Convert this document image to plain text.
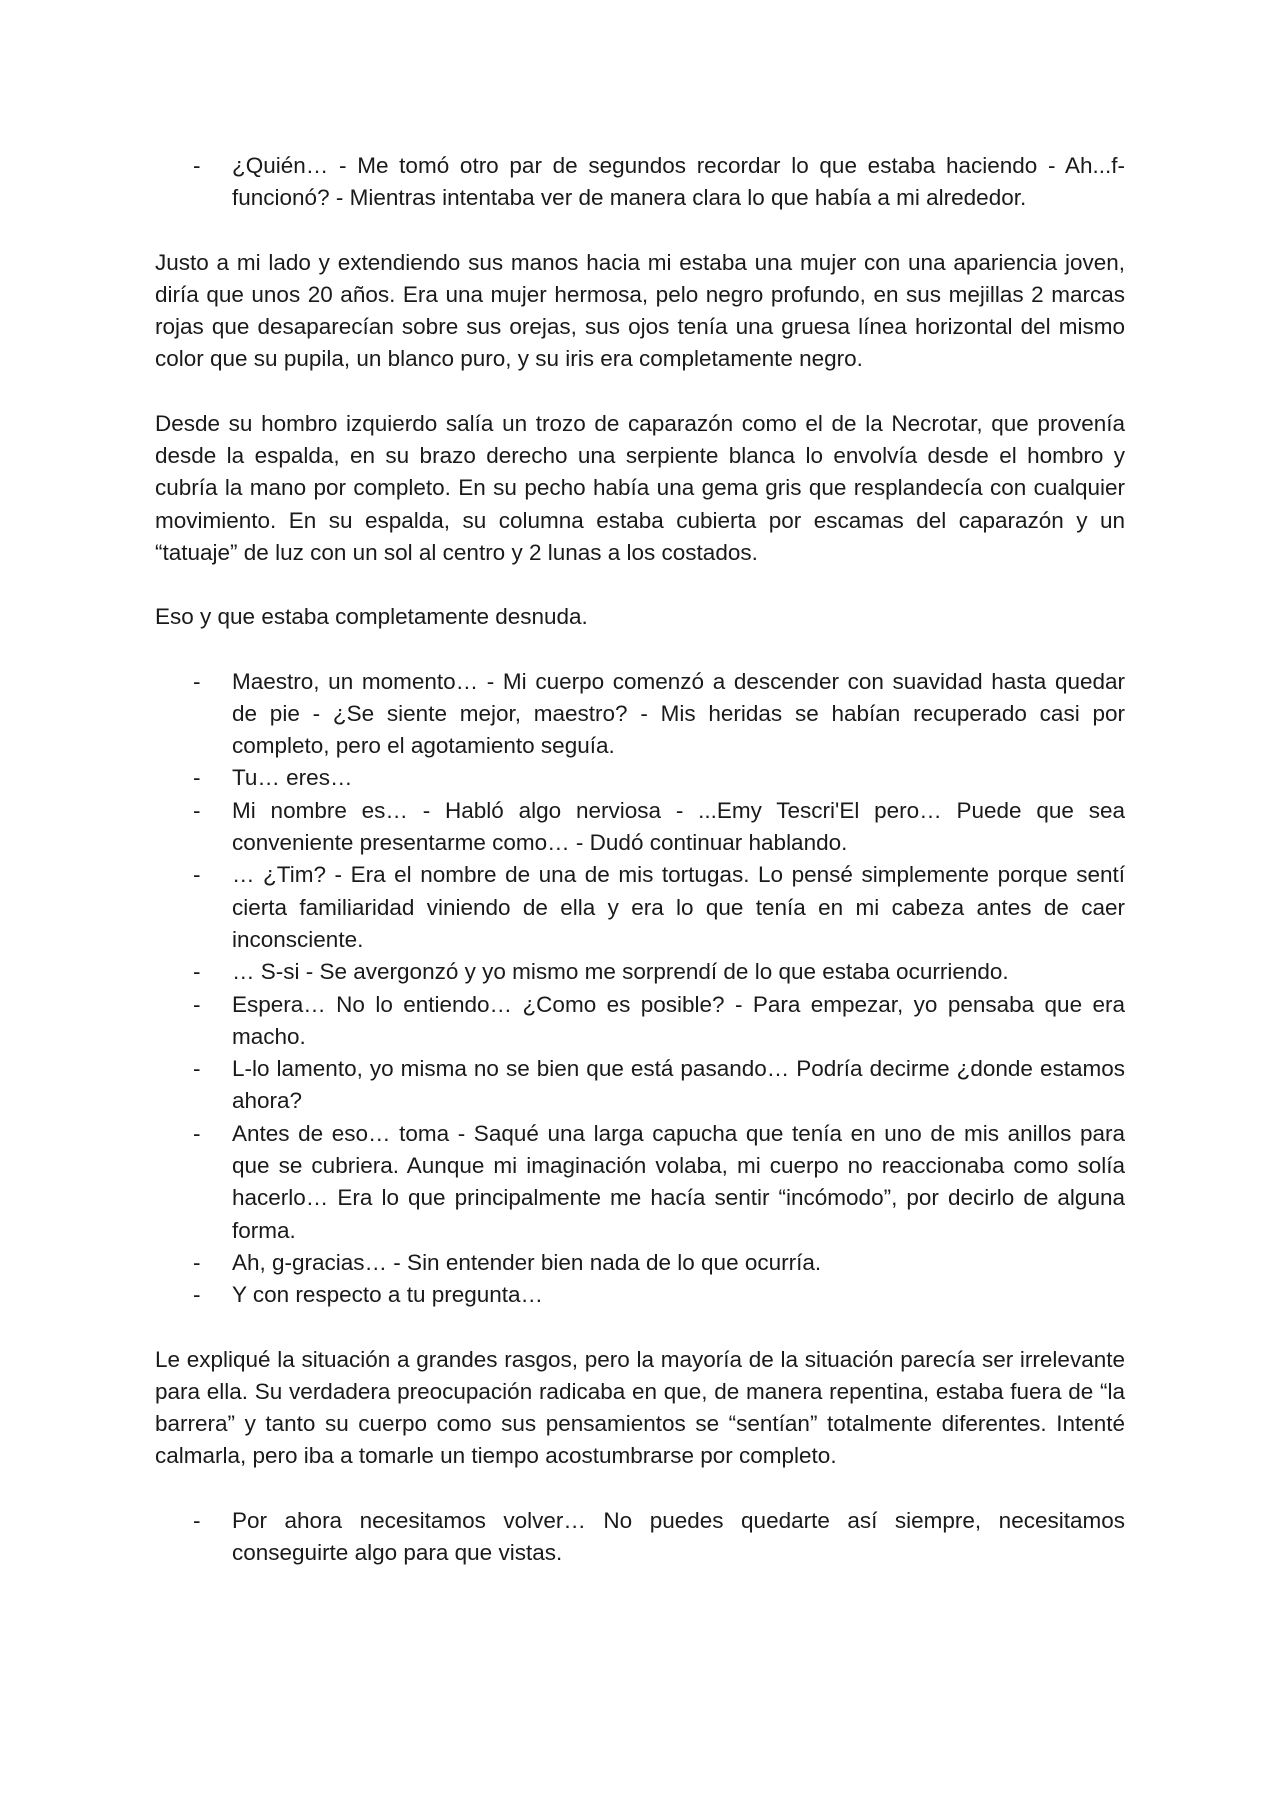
- ¿Quién… - Me tomó otro par de segundos recordar lo que estaba haciendo - Ah...f-funcionó? - Mientras intentaba ver de manera clara lo que había a mi alrededor.

Justo a mi lado y extendiendo sus manos hacia mi estaba una mujer con una apariencia joven, diría que unos 20 años. Era una mujer hermosa, pelo negro profundo, en sus mejillas 2 marcas rojas que desaparecían sobre sus orejas, sus ojos tenía una gruesa línea horizontal del mismo color que su pupila, un blanco puro, y su iris era completamente negro.

Desde su hombro izquierdo salía un trozo de caparazón como el de la Necrotar, que provenía desde la espalda, en su brazo derecho una serpiente blanca lo envolvía desde el hombro y cubría la mano por completo. En su pecho había una gema gris que resplandecía con cualquier movimiento. En su espalda, su columna estaba cubierta por escamas del caparazón y un “tatuaje” de luz con un sol al centro y 2 lunas a los costados.

Eso y que estaba completamente desnuda.

- Maestro, un momento… - Mi cuerpo comenzó a descender con suavidad hasta quedar de pie - ¿Se siente mejor, maestro? - Mis heridas se habían recuperado casi por completo, pero el agotamiento seguía.
- Tu… eres…
- Mi nombre es… - Habló algo nerviosa - ...Emy Tescri'El pero… Puede que sea conveniente presentarme como… - Dudó continuar hablando.
- … ¿Tim? - Era el nombre de una de mis tortugas. Lo pensé simplemente porque sentí cierta familiaridad viniendo de ella y era lo que tenía en mi cabeza antes de caer inconsciente.
- … S-si - Se avergonzó y yo mismo me sorprendí de lo que estaba ocurriendo.
- Espera… No lo entiendo… ¿Como es posible? - Para empezar, yo pensaba que era macho.
- L-lo lamento, yo misma no se bien que está pasando… Podría decirme ¿donde estamos ahora?
- Antes de eso… toma - Saqué una larga capucha que tenía en uno de mis anillos para que se cubriera. Aunque mi imaginación volaba, mi cuerpo no reaccionaba como solía hacerlo… Era lo que principalmente me hacía sentir “incómodo”, por decirlo de alguna forma.
- Ah, g-gracias… - Sin entender bien nada de lo que ocurría.
- Y con respecto a tu pregunta…

Le expliqué la situación a grandes rasgos, pero la mayoría de la situación parecía ser irrelevante para ella. Su verdadera preocupación radicaba en que, de manera repentina, estaba fuera de “la barrera” y tanto su cuerpo como sus pensamientos se “sentían” totalmente diferentes. Intenté calmarla, pero iba a tomarle un tiempo acostumbrarse por completo.

- Por ahora necesitamos volver… No puedes quedarte así siempre, necesitamos conseguirte algo para que vistas.
